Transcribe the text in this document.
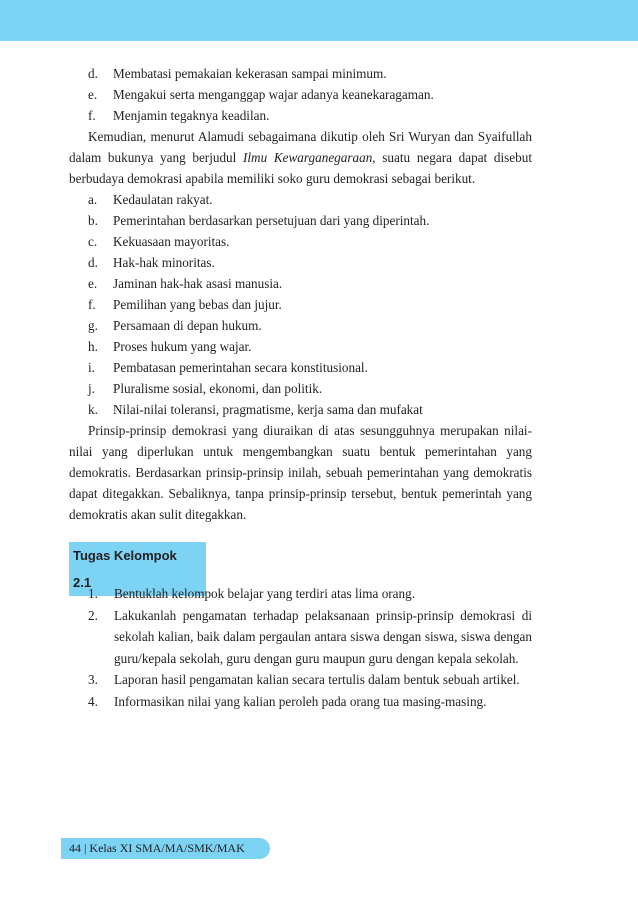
d.	Membatasi pemakaian kekerasan sampai minimum.
e.	Mengakui serta menganggap wajar adanya keanekaragaman.
f.	Menjamin tegaknya keadilan.

Kemudian, menurut Alamudi sebagaimana dikutip oleh Sri Wuryan dan Syaifullah dalam bukunya yang berjudul Ilmu Kewarganegaraan, suatu negara dapat disebut berbudaya demokrasi apabila memiliki soko guru demokrasi sebagai berikut.

a.	Kedaulatan rakyat.
b.	Pemerintahan berdasarkan persetujuan dari yang diperintah.
c.	Kekuasaan mayoritas.
d.	Hak-hak minoritas.
e.	Jaminan hak-hak asasi manusia.
f.	Pemilihan yang bebas dan jujur.
g.	Persamaan di depan hukum.
h.	Proses hukum yang wajar.
i.	Pembatasan pemerintahan secara konstitusional.
j.	Pluralisme sosial, ekonomi, dan politik.
k.	Nilai-nilai toleransi, pragmatisme, kerja sama dan mufakat

Prinsip-prinsip demokrasi yang diuraikan di atas sesungguhnya merupakan nilai-nilai yang diperlukan untuk mengembangkan suatu bentuk pemerintahan yang demokratis. Berdasarkan prinsip-prinsip inilah, sebuah pemerintahan yang demokratis dapat ditegakkan. Sebaliknya, tanpa prinsip-prinsip tersebut, bentuk pemerintah yang demokratis akan sulit ditegakkan.

Tugas Kelompok 2.1
1.	Bentuklah kelompok belajar yang terdiri atas lima orang.
2.	Lakukanlah pengamatan terhadap pelaksanaan prinsip-prinsip demokrasi di sekolah kalian, baik dalam pergaulan antara siswa dengan siswa, siswa dengan guru/kepala sekolah, guru dengan guru maupun guru dengan kepala sekolah.
3.	Laporan hasil pengamatan kalian secara tertulis dalam bentuk sebuah artikel.
4.	Informasikan nilai yang kalian peroleh pada orang tua masing-masing.
44 | Kelas XI SMA/MA/SMK/MAK
